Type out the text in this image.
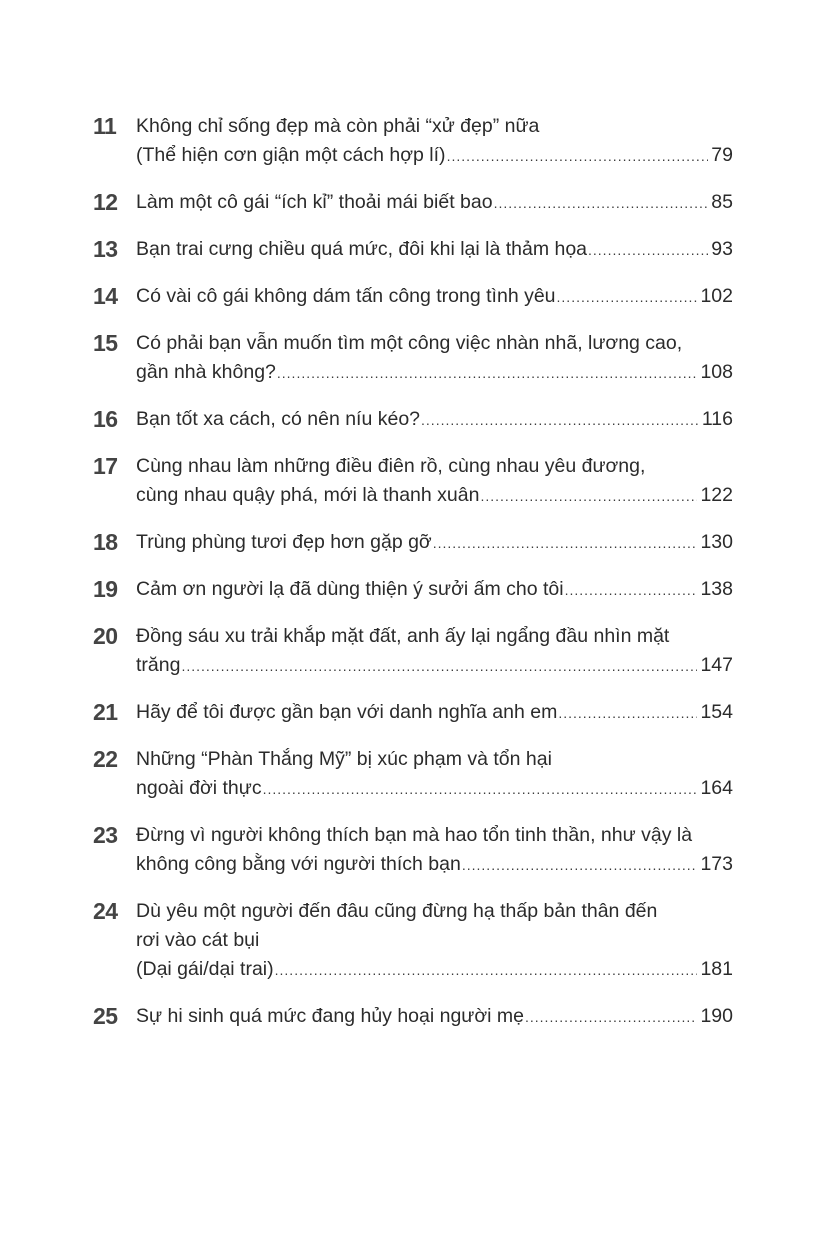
11	Không chỉ sống đẹp mà còn phải “xử đẹp” nữa
(Thể hiện cơn giận một cách hợp lí) .....	79
12 Làm một cô gái “ích kỉ” thoải mái biết bao .....	85
13 Bạn trai cưng chiều quá mức, đôi khi lại là thảm họa .....	93
14 Có vài cô gái không dám tấn công trong tình yêu .....	102
15 Có phải bạn vẫn muốn tìm một công việc nhàn nhã, lương cao,
gần nhà không? .....	108
16 Bạn tốt xa cách, có nên níu kéo? .....	116
17 Cùng nhau làm những điều điên rồ, cùng nhau yêu đương,
cùng nhau quậy phá, mới là thanh xuân .....	122
18 Trùng phùng tươi đẹp hơn gặp gỡ .....	130
19 Cảm ơn người lạ đã dùng thiện ý sưởi ấm cho tôi .....	138
20 Đồng sáu xu trải khắp mặt đất, anh ấy lại ngẩng đầu nhìn mặt
trăng .....	147
21 Hãy để tôi được gần bạn với danh nghĩa anh em .....	154
22 Những “Phàn Thắng Mỹ” bị xúc phạm và tổn hại
ngoài đời thực .....	164
23 Đừng vì người không thích bạn mà hao tổn tinh thần, như vậy là
không công bằng với người thích bạn .....	173
24 Dù yêu một người đến đâu cũng đừng hạ thấp bản thân đến
rơi vào cát bụi
(Dại gái/dại trai) .....	181
25 Sự hi sinh quá mức đang hủy hoại người mẹ .....	190
